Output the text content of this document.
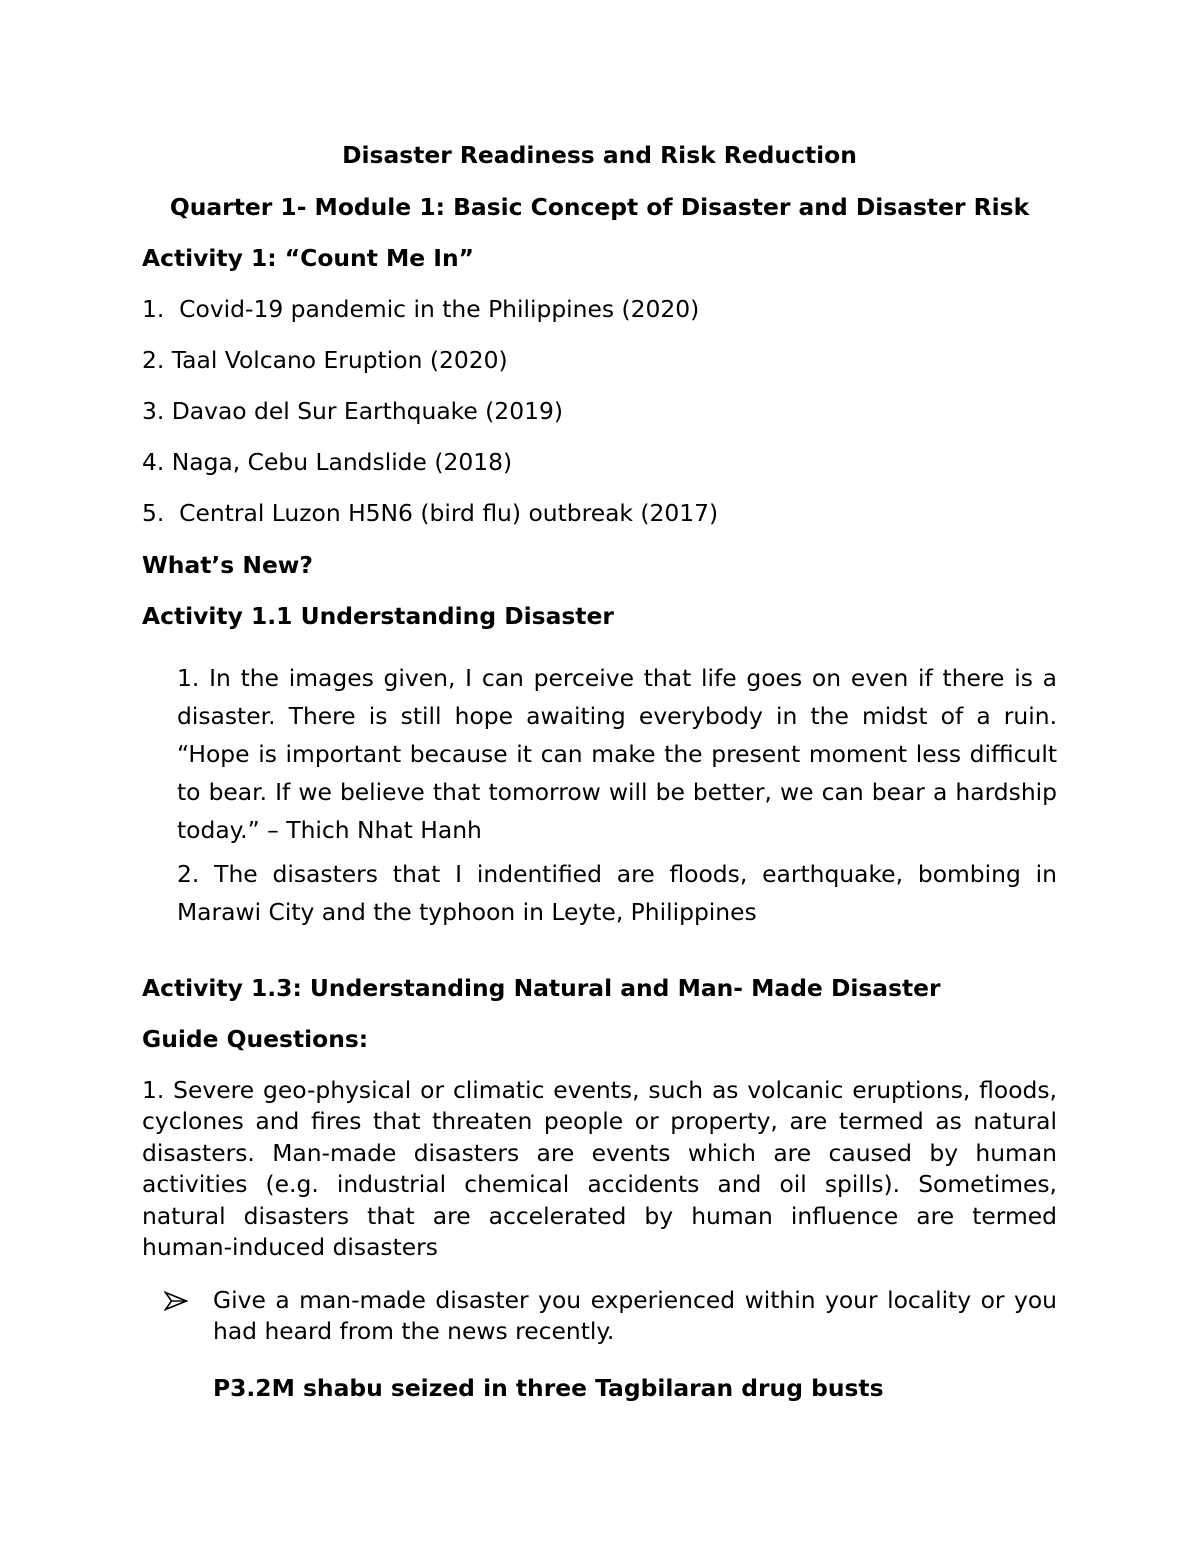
Disaster Readiness and Risk Reduction
Quarter 1- Module 1: Basic Concept of Disaster and Disaster Risk
Activity 1: “Count Me In”
1.  Covid-19 pandemic in the Philippines (2020)
2. Taal Volcano Eruption (2020)
3. Davao del Sur Earthquake (2019)
4. Naga, Cebu Landslide (2018)
5.  Central Luzon H5N6 (bird flu) outbreak (2017)
What’s New?
Activity 1.1 Understanding Disaster
1. In the images given, I can perceive that life goes on even if there is a
disaster. There is still hope awaiting everybody in the midst of a ruin.
“Hope is important because it can make the present moment less difficult
to bear. If we believe that tomorrow will be better, we can bear a hardship
today.” – Thich Nhat Hanh
2. The disasters that I indentified are floods, earthquake, bombing in
Marawi City and the typhoon in Leyte, Philippines
Activity 1.3: Understanding Natural and Man- Made Disaster
Guide Questions:
1. Severe geo-physical or climatic events, such as volcanic eruptions, floods,
cyclones and fires that threaten people or property, are termed as natural
disasters. Man-made disasters are events which are caused by human
activities (e.g. industrial chemical accidents and oil spills). Sometimes,
natural disasters that are accelerated by human influence are termed
human-induced disasters
Give a man-made disaster you experienced within your locality or you
had heard from the news recently.
P3.2M shabu seized in three Tagbilaran drug busts
